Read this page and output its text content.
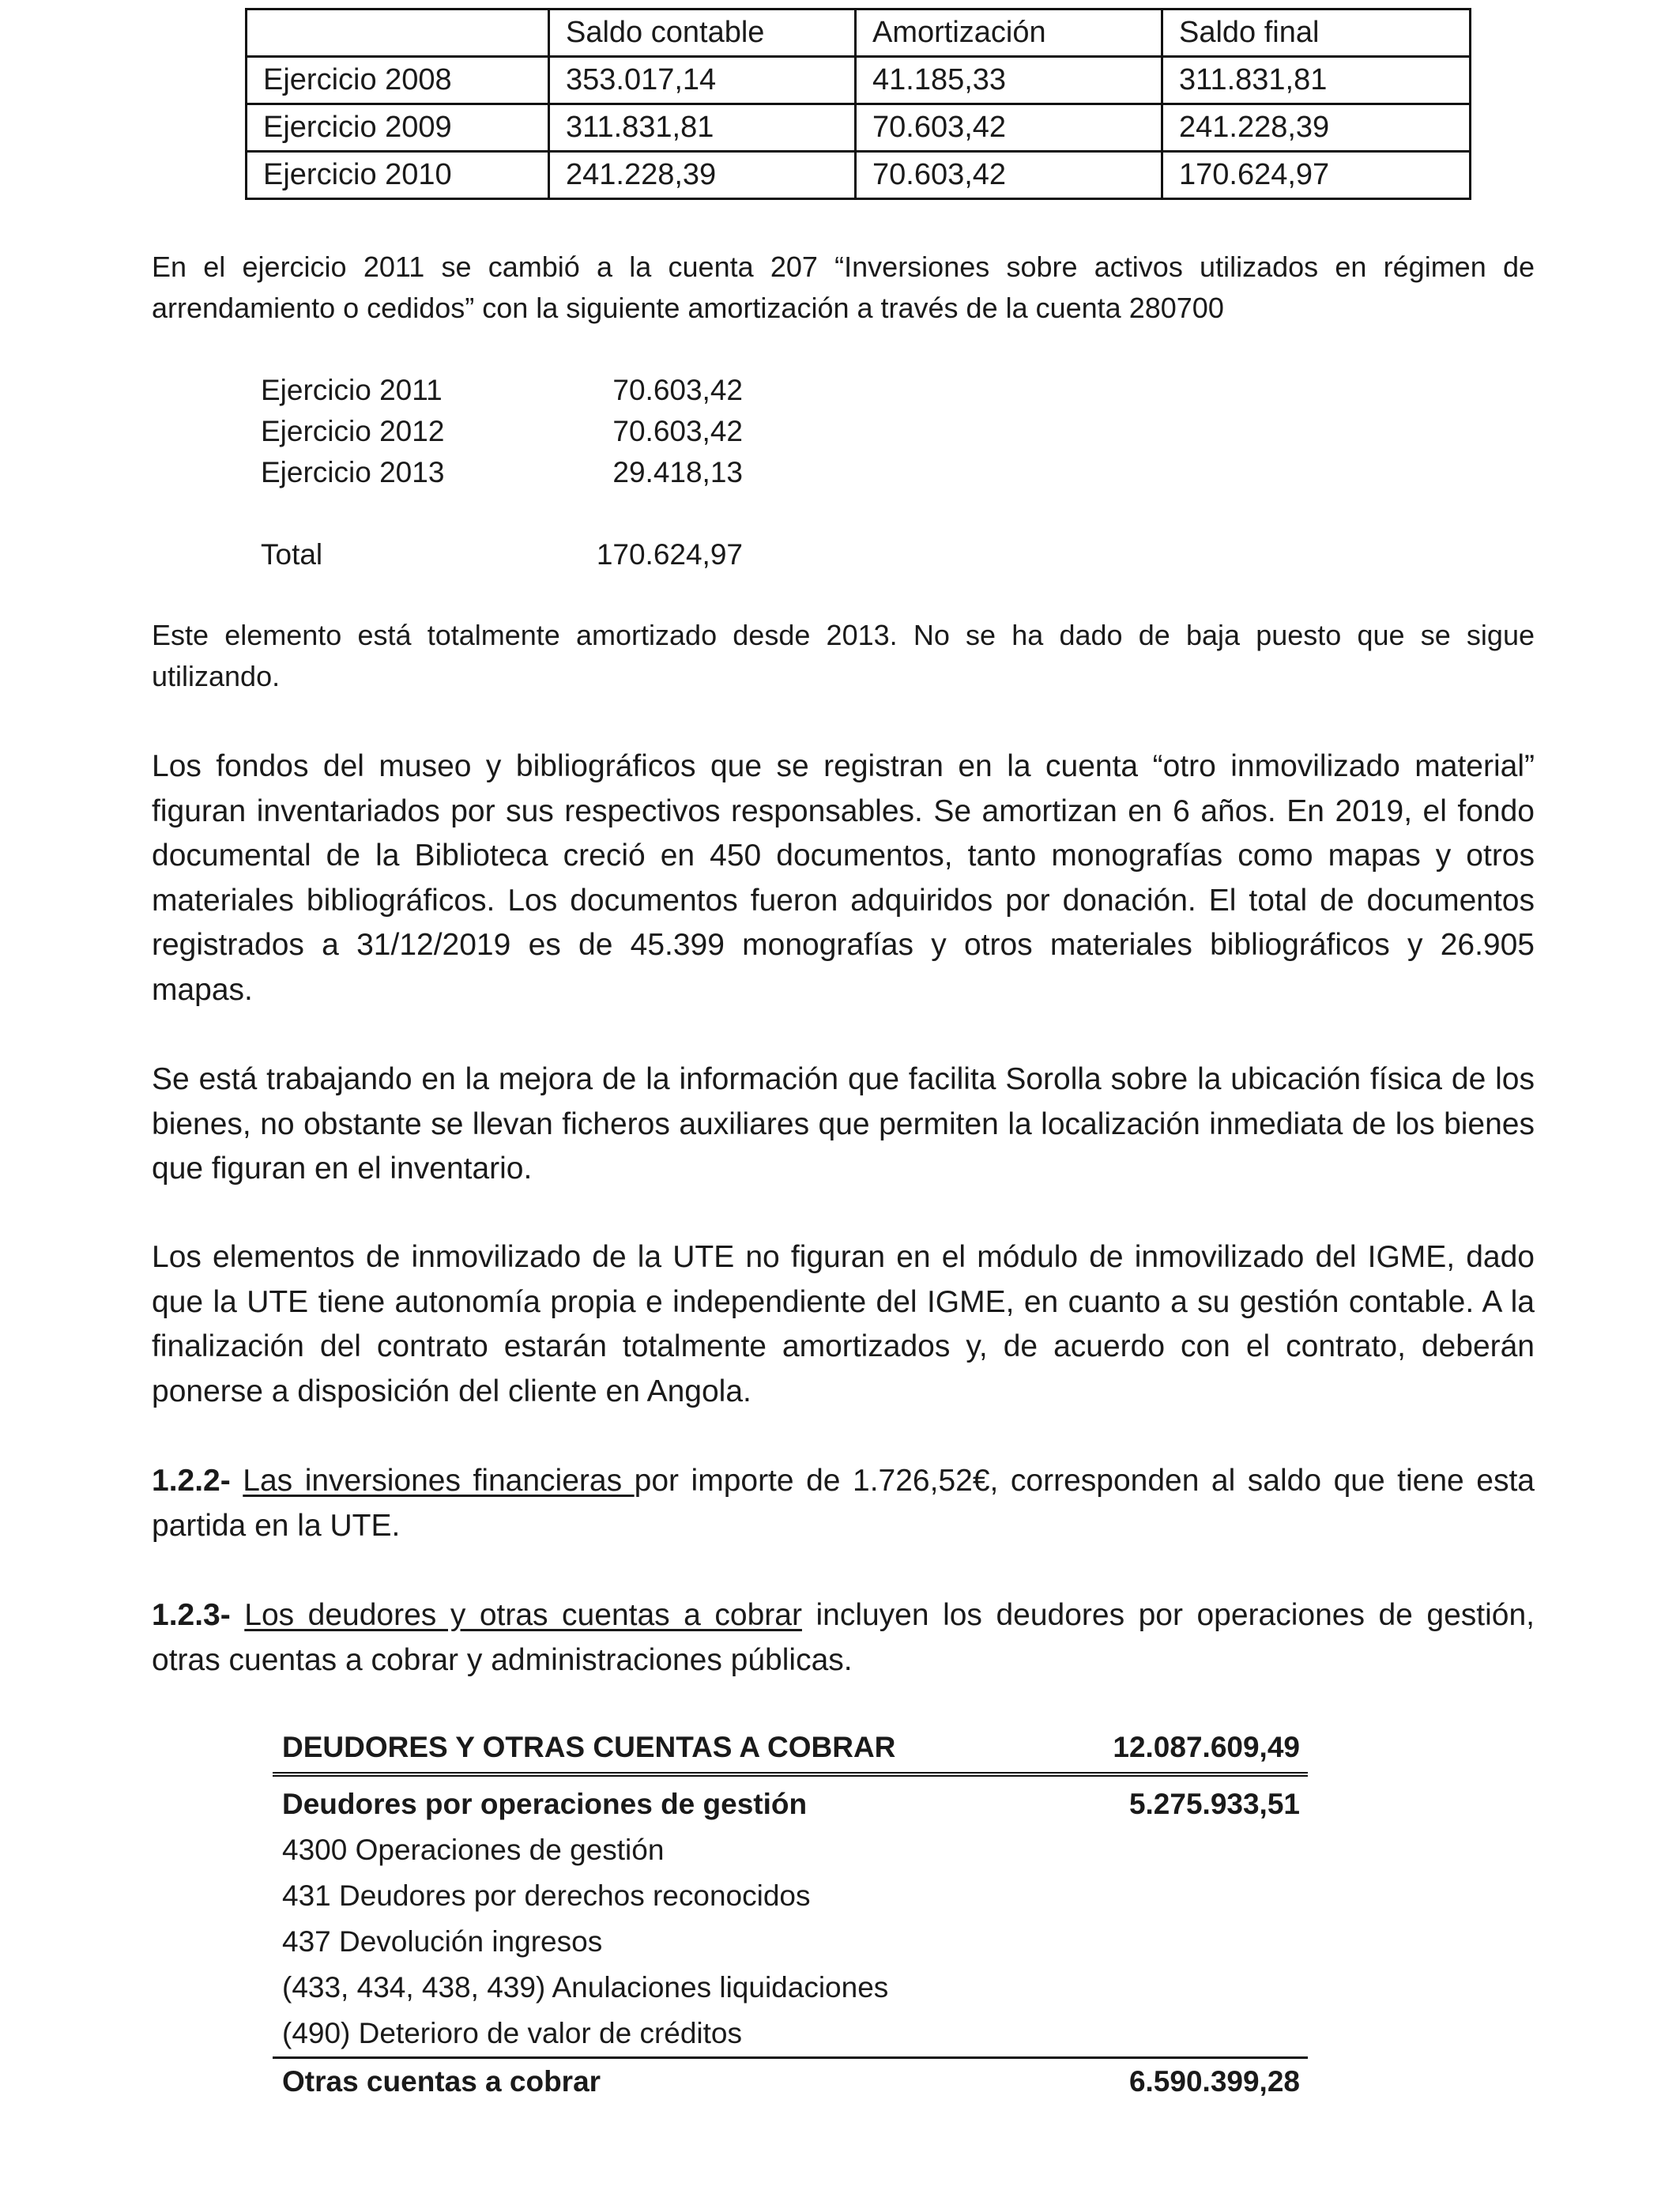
	Saldo contable	Amortización	Saldo final
Ejercicio 2008	353.017,14	41.185,33	311.831,81
Ejercicio 2009	311.831,81	70.603,42	241.228,39
Ejercicio 2010	241.228,39	70.603,42	170.624,97

En el ejercicio 2011 se cambió a la cuenta 207 “Inversiones sobre activos utilizados en régimen de arrendamiento o cedidos” con la siguiente amortización a través de la cuenta 280700

Ejercicio 2011	70.603,42
Ejercicio 2012	70.603,42
Ejercicio 2013	29.418,13
Total	170.624,97

Este elemento está totalmente amortizado desde 2013. No se ha dado de baja puesto que se sigue utilizando.

Los fondos del museo y bibliográficos que se registran en la cuenta “otro inmovilizado material” figuran inventariados por sus respectivos responsables. Se amortizan en 6 años. En 2019, el fondo documental de la Biblioteca creció en 450 documentos, tanto monografías como mapas y otros materiales bibliográficos. Los documentos fueron adquiridos por donación. El total de documentos registrados a 31/12/2019 es de 45.399 monografías y otros materiales bibliográficos y 26.905 mapas.

Se está trabajando en la mejora de la información que facilita Sorolla sobre la ubicación física de los bienes, no obstante se llevan ficheros auxiliares que permiten la localización inmediata de los bienes que figuran en el inventario.

Los elementos de inmovilizado de la UTE no figuran en el módulo de inmovilizado del IGME, dado que la UTE tiene autonomía propia e independiente del IGME, en cuanto a su gestión contable. A la finalización del contrato estarán totalmente amortizados y, de acuerdo con el contrato, deberán ponerse a disposición del cliente en Angola.

1.2.2- Las inversiones financieras por importe de 1.726,52€, corresponden al saldo que tiene esta partida en la UTE.

1.2.3- Los deudores y otras cuentas a cobrar incluyen los deudores por operaciones de gestión, otras cuentas a cobrar y administraciones públicas.

DEUDORES Y OTRAS CUENTAS A COBRAR	12.087.609,49
Deudores por operaciones de gestión	5.275.933,51
4300 Operaciones de gestión
431 Deudores por derechos reconocidos
437 Devolución ingresos
(433, 434, 438, 439) Anulaciones liquidaciones
(490) Deterioro de valor de créditos
Otras cuentas a cobrar	6.590.399,28
